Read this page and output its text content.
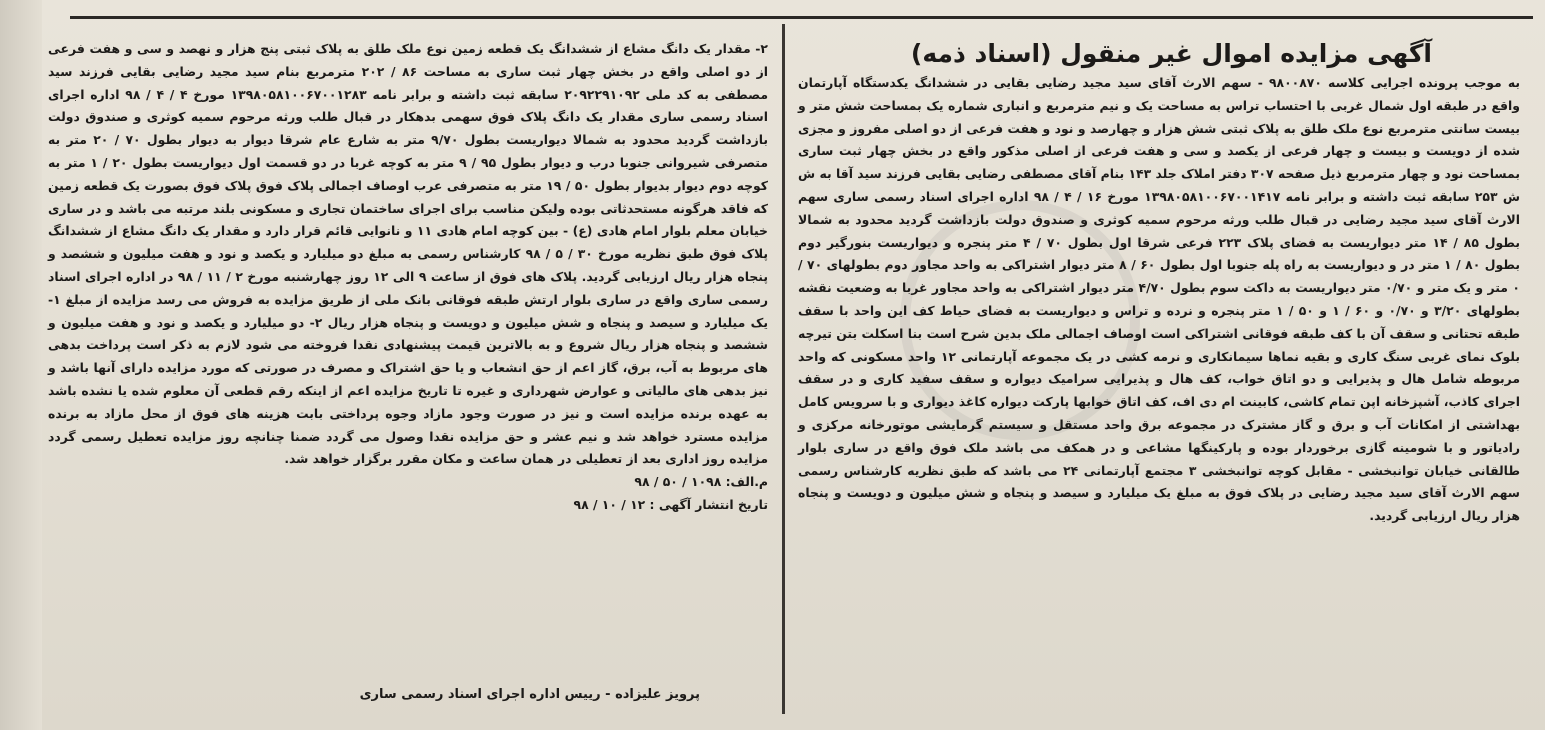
آگهی مزایده اموال غیر منقول (اسناد ذمه)

به موجب پرونده اجرایی کلاسه ۹۸۰۰۸۷۰ - سهم الارث آقای سید مجید رضایی بقایی در ششدانگ یکدستگاه آپارتمان واقع در طبقه اول شمال غربی با احتساب تراس به مساحت یک و نیم مترمربع و انباری شماره یک بمساحت شش متر و بیست سانتی مترمربع نوع ملک طلق به پلاک ثبتی شش هزار و چهارصد و نود و هفت فرعی از دو اصلی مفروز و مجزی شده از دویست و بیست و چهار فرعی از یکصد و سی و هفت فرعی از اصلی مذکور واقع در بخش چهار ثبت ساری بمساحت نود و چهار مترمربع ذیل صفحه ۳۰۷ دفتر املاک جلد ۱۴۳ بنام آقای مصطفی رضایی بقایی فرزند سید آقا به ش ش ۲۵۳ سابقه ثبت داشته و برابر نامه ۱۳۹۸۰۵۸۱۰۰۶۷۰۰۱۴۱۷ مورخ ۱۶ / ۴ / ۹۸ اداره اجرای اسناد رسمی ساری سهم الارث آقای سید مجید رضایی در قبال طلب ورثه مرحوم سمیه کوثری و صندوق دولت بازداشت گردید محدود به شمالا بطول ۸۵ / ۱۴ متر دیواریست به فضای پلاک ۲۲۳ فرعی شرقا اول بطول ۷۰ / ۴ متر پنجره و دیواریست بنورگیر دوم بطول ۸۰ / ۱ متر در و دیواریست به راه پله جنوبا اول بطول ۶۰ / ۸ متر دیوار اشتراکی به واحد مجاور دوم بطولهای ۷۰ / ۰ متر و یک متر و ۰/۷۰ متر دیواریست به داکت سوم بطول ۴/۷۰ متر دیوار اشتراکی به واحد مجاور غربا به وضعیت نقشه بطولهای ۳/۲۰ و ۰/۷۰ و ۶۰ / ۱ و ۵۰ / ۱ متر پنجره و نرده و تراس و دیواریست به فضای حیاط کف این واحد با سقف طبقه تحتانی و سقف آن با کف طبقه فوقانی اشتراکی است اوصاف اجمالی ملک بدین شرح است بنا اسکلت بتن تیرچه بلوک نمای غربی سنگ کاری و بقیه نماها سیمانکاری و نرمه کشی در یک مجموعه آپارتمانی ۱۲ واحد مسکونی که واحد مربوطه شامل هال و پذیرایی و دو اتاق خواب، کف هال و پذیرایی سرامیک دیواره و سقف سفید کاری و در سقف اجرای کاذب، آشپزخانه اپن تمام کاشی، کابینت ام دی اف، کف اتاق خوابها پارکت دیواره کاغذ دیواری و با سرویس کامل بهداشتی از امکانات آب و برق و گاز مشترک در مجموعه برق واحد مستقل و سیستم گرمایشی موتورخانه مرکزی و رادیاتور و با شومینه گازی برخوردار بوده و پارکینگها مشاعی و در همکف می باشد ملک فوق واقع در ساری بلوار طالقانی خیابان توانبخشی - مقابل کوچه توانبخشی ۳ مجتمع آپارتمانی ۲۴ می باشد که طبق نظریه کارشناس رسمی سهم الارث آقای سید مجید رضایی در پلاک فوق به مبلغ یک میلیارد و سیصد و پنجاه و شش میلیون و دویست و پنجاه هزار ریال ارزیابی گردید.

۲- مقدار یک دانگ مشاع از ششدانگ یک قطعه زمین نوع ملک طلق به پلاک ثبتی پنج هزار و نهصد و سی و هفت فرعی از دو اصلی واقع در بخش چهار ثبت ساری به مساحت ۸۶ / ۲۰۲ مترمربع بنام سید مجید رضایی بقایی فرزند سید مصطفی به کد ملی ۲۰۹۲۲۹۱۰۹۲ سابقه ثبت داشته و برابر نامه ۱۳۹۸۰۵۸۱۰۰۶۷۰۰۱۲۸۳ مورخ ۴ / ۴ / ۹۸ اداره اجرای اسناد رسمی ساری مقدار یک دانگ پلاک فوق سهمی بدهکار در قبال طلب ورثه مرحوم سمیه کوثری و صندوق دولت بازداشت گردید محدود به شمالا دیواریست بطول ۹/۷۰ متر به شارع عام شرقا دیوار به دیوار بطول ۷۰ / ۲۰ متر به متصرفی شیروانی جنوبا درب و دیوار بطول ۹۵ / ۹ متر به کوچه غربا در دو قسمت اول دیواریست بطول ۲۰ / ۱ متر به کوچه دوم دیوار بدیوار بطول ۵۰ / ۱۹ متر به متصرفی عرب اوصاف اجمالی پلاک فوق پلاک فوق بصورت یک قطعه زمین که فاقد هرگونه مستحدثاتی بوده ولیکن مناسب برای اجرای ساختمان تجاری و مسکونی بلند مرتبه می باشد و در ساری خیابان معلم بلوار امام هادی (ع) - بین کوچه امام هادی ۱۱ و نانوایی قائم قرار دارد و مقدار یک دانگ مشاع از ششدانگ پلاک فوق طبق نظریه مورخ ۳۰ / ۵ / ۹۸ کارشناس رسمی به مبلغ دو میلیارد و یکصد و نود و هفت میلیون و ششصد و پنجاه هزار ریال ارزیابی گردید. پلاک های فوق از ساعت ۹ الی ۱۲ روز چهارشنبه مورخ ۲ / ۱۱ / ۹۸ در اداره اجرای اسناد رسمی ساری واقع در ساری بلوار ارتش طبقه فوقانی بانک ملی از طریق مزایده به فروش می رسد مزایده از مبلغ ۱- یک میلیارد و سیصد و پنجاه و شش میلیون و دویست و پنجاه هزار ریال ۲- دو میلیارد و یکصد و نود و هفت میلیون و ششصد و پنجاه هزار ریال شروع و به بالاترین قیمت پیشنهادی نقدا فروخته می شود لازم به ذکر است پرداخت بدهی های مربوط به آب، برق، گاز اعم از حق انشعاب و یا حق اشتراک و مصرف در صورتی که مورد مزایده دارای آنها باشد و نیز بدهی های مالیاتی و عوارض شهرداری و غیره تا تاریخ مزایده اعم از اینکه رقم قطعی آن معلوم شده یا نشده باشد به عهده برنده مزایده است و نیز در صورت وجود مازاد وجوه پرداختی بابت هزینه های فوق از محل مازاد به برنده مزایده مسترد خواهد شد و نیم عشر و حق مزایده نقدا وصول می گردد ضمنا چنانچه روز مزایده تعطیل رسمی گردد مزایده روز اداری بعد از تعطیلی در همان ساعت و مکان مقرر برگزار خواهد شد.

م.الف: ۱۰۹۸ / ۵۰ / ۹۸

تاریخ انتشار آگهی : ۱۲ / ۱۰ / ۹۸

پرویز علیزاده - رییس اداره اجرای اسناد رسمی ساری
